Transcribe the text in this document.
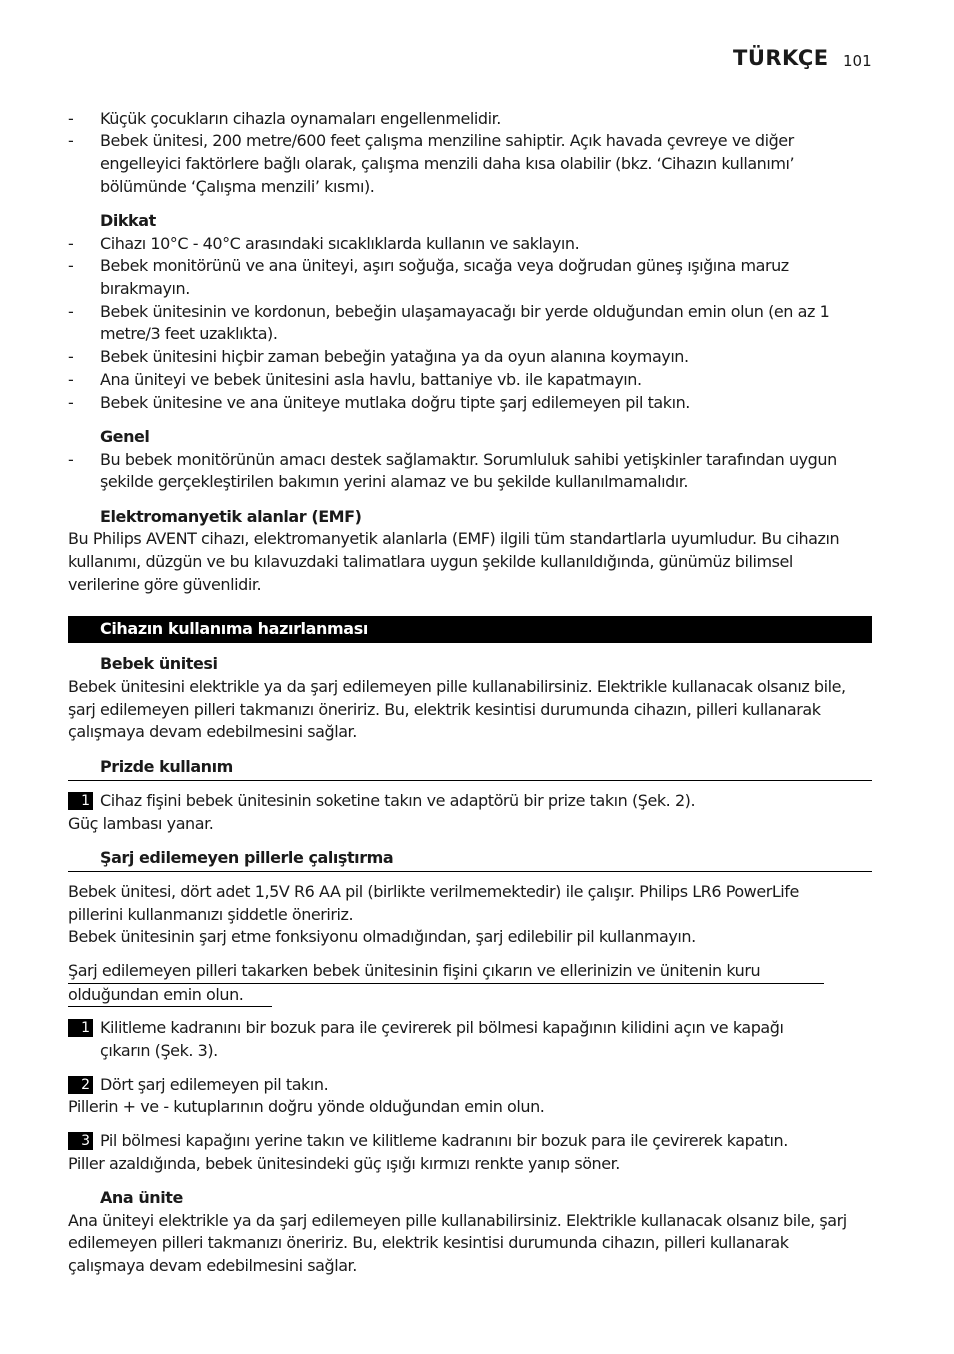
TÜRKÇE 101
- Küçük çocukların cihazla oynamaları engellenmelidir.
- Bebek ünitesi, 200 metre/600 feet çalışma menziline sahiptir. Açık havada çevreye ve diğer
engelleyici faktörlere bağlı olarak, çalışma menzili daha kısa olabilir (bkz. ‘Cihazın kullanımı’
bölümünde ‘Çalışma menzili’ kısmı).
Dikkat
- Cihazı 10°C - 40°C arasındaki sıcaklıklarda kullanın ve saklayın.
- Bebek monitörünü ve ana üniteyi, aşırı soğuğa, sıcağa veya doğrudan güneş ışığına maruz
bırakmayın.
- Bebek ünitesinin ve kordonun, bebeğin ulaşamayacağı bir yerde olduğundan emin olun (en az 1
metre/3 feet uzaklıkta).
- Bebek ünitesini hiçbir zaman bebeğin yatağına ya da oyun alanına koymayın.
- Ana üniteyi ve bebek ünitesini asla havlu, battaniye vb. ile kapatmayın.
- Bebek ünitesine ve ana üniteye mutlaka doğru tipte şarj edilemeyen pil takın.
Genel
- Bu bebek monitörünün amacı destek sağlamaktır. Sorumluluk sahibi yetişkinler tarafından uygun
şekilde gerçekleştirilen bakımın yerini alamaz ve bu şekilde kullanılmamalıdır.
Elektromanyetik alanlar (EMF)
Bu Philips AVENT cihazı, elektromanyetik alanlarla (EMF) ilgili tüm standartlarla uyumludur. Bu cihazın
kullanımı, düzgün ve bu kılavuzdaki talimatlara uygun şekilde kullanıldığında, günümüz bilimsel
verilerine göre güvenlidir.
Cihazın kullanıma hazırlanması
Bebek ünitesi
Bebek ünitesini elektrikle ya da şarj edilemeyen pille kullanabilirsiniz. Elektrikle kullanacak olsanız bile,
şarj edilemeyen pilleri takmanızı öneririz. Bu, elektrik kesintisi durumunda cihazın, pilleri kullanarak
çalışmaya devam edebilmesini sağlar.
Prizde kullanım
1 Cihaz fişini bebek ünitesinin soketine takın ve adaptörü bir prize takın (Şek. 2).
Güç lambası yanar.
Şarj edilemeyen pillerle çalıştırma
Bebek ünitesi, dört adet 1,5V R6 AA pil (birlikte verilmemektedir) ile çalışır. Philips LR6 PowerLife
pillerini kullanmanızı şiddetle öneririz.
Bebek ünitesinin şarj etme fonksiyonu olmadığından, şarj edilebilir pil kullanmayın.
Şarj edilemeyen pilleri takarken bebek ünitesinin fişini çıkarın ve ellerinizin ve ünitenin kuru
olduğundan emin olun.
1 Kilitleme kadranını bir bozuk para ile çevirerek pil bölmesi kapağının kilidini açın ve kapağı
çıkarın (Şek. 3).
2 Dört şarj edilemeyen pil takın.
Pillerin + ve - kutuplarının doğru yönde olduğundan emin olun.
3 Pil bölmesi kapağını yerine takın ve kilitleme kadranını bir bozuk para ile çevirerek kapatın.
Piller azaldığında, bebek ünitesindeki güç ışığı kırmızı renkte yanıp söner.
Ana ünite
Ana üniteyi elektrikle ya da şarj edilemeyen pille kullanabilirsiniz. Elektrikle kullanacak olsanız bile, şarj
edilemeyen pilleri takmanızı öneririz. Bu, elektrik kesintisi durumunda cihazın, pilleri kullanarak
çalışmaya devam edebilmesini sağlar.
